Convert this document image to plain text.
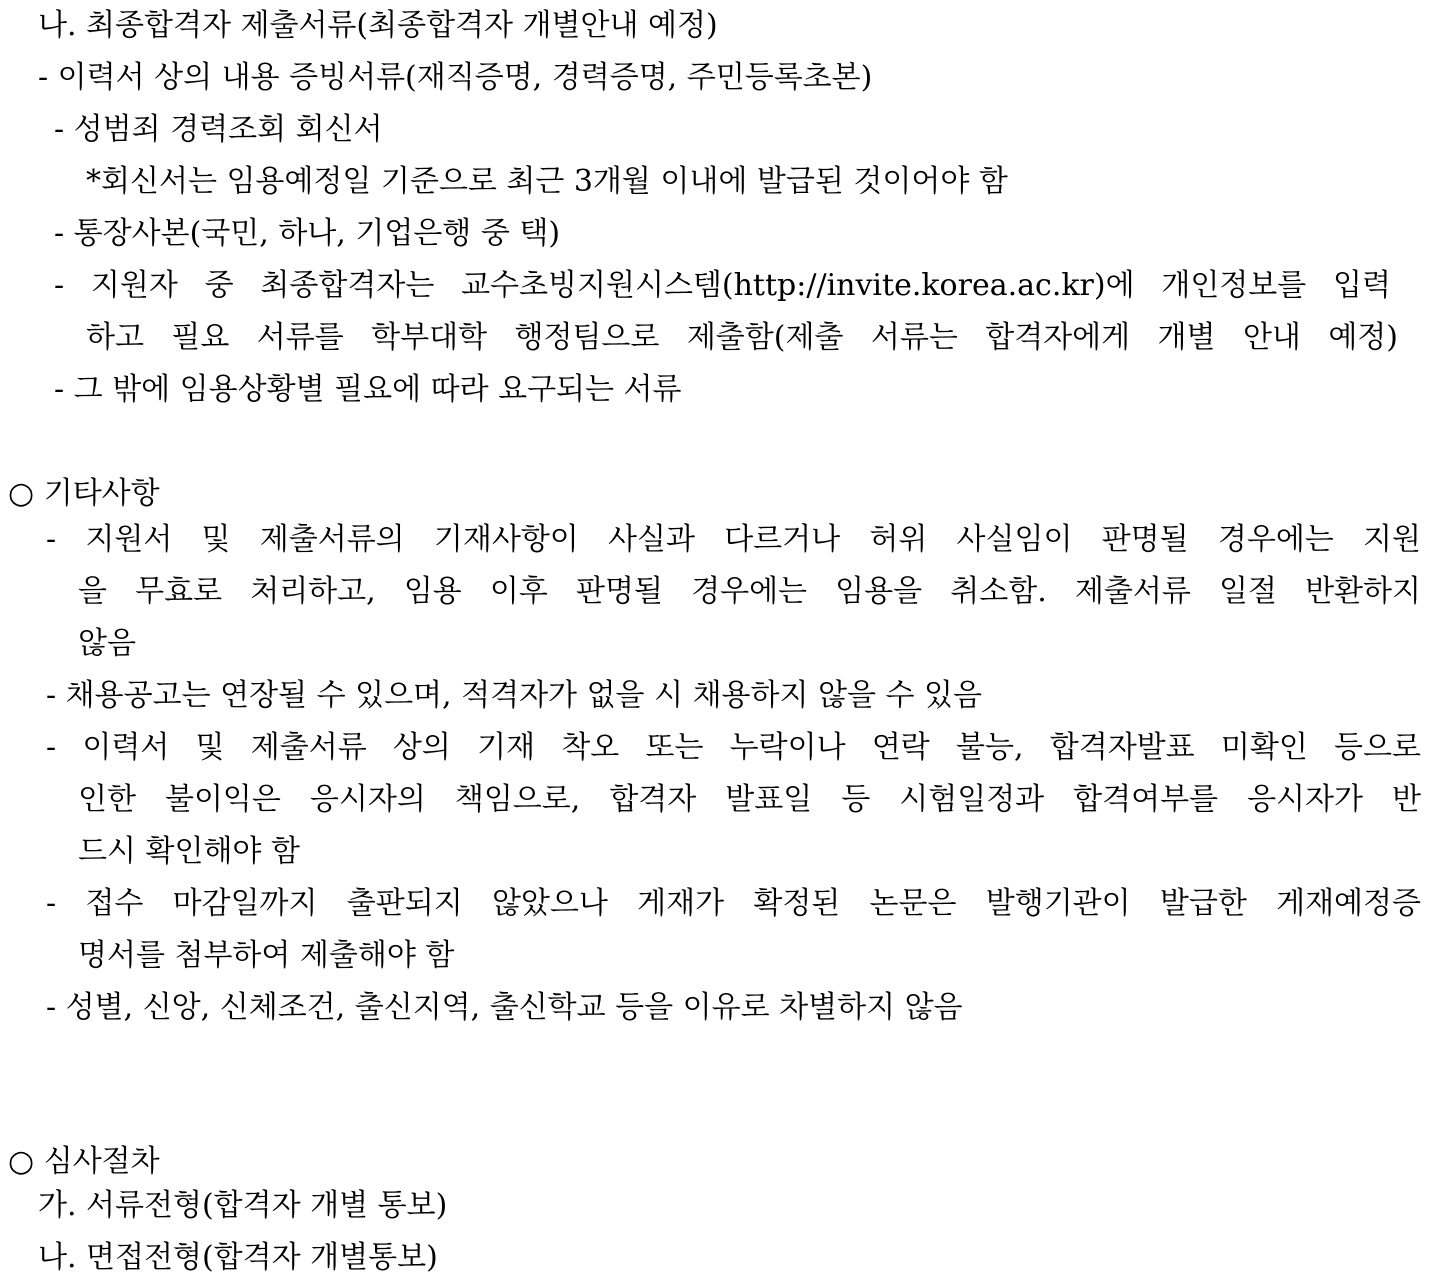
나. 최종합격자 제출서류(최종합격자 개별안내 예정)
- 이력서 상의 내용 증빙서류(재직증명, 경력증명, 주민등록초본)
- 성범죄 경력조회 회신서
*회신서는 임용예정일 기준으로 최근 3개월 이내에 발급된 것이어야 함
- 통장사본(국민, 하나, 기업은행 중 택)
- 지원자 중 최종합격자는 교수초빙지원시스템(http://invite.korea.ac.kr)에 개인정보를 입력
하고 필요 서류를 학부대학 행정팀으로 제출함(제출 서류는 합격자에게 개별 안내 예정)
- 그 밖에 임용상황별 필요에 따라 요구되는 서류
○ 기타사항
- 지원서 및 제출서류의 기재사항이 사실과 다르거나 허위 사실임이 판명될 경우에는 지원
을 무효로 처리하고, 임용 이후 판명될 경우에는 임용을 취소함. 제출서류 일절 반환하지
않음
- 채용공고는 연장될 수 있으며, 적격자가 없을 시 채용하지 않을 수 있음
- 이력서 및 제출서류 상의 기재 착오 또는 누락이나 연락 불능, 합격자발표 미확인 등으로
인한 불이익은 응시자의 책임으로, 합격자 발표일 등 시험일정과 합격여부를 응시자가 반
드시 확인해야 함
- 접수 마감일까지 출판되지 않았으나 게재가 확정된 논문은 발행기관이 발급한 게재예정증
명서를 첨부하여 제출해야 함
- 성별, 신앙, 신체조건, 출신지역, 출신학교 등을 이유로 차별하지 않음
○ 심사절차
가. 서류전형(합격자 개별 통보)
나. 면접전형(합격자 개별통보)
